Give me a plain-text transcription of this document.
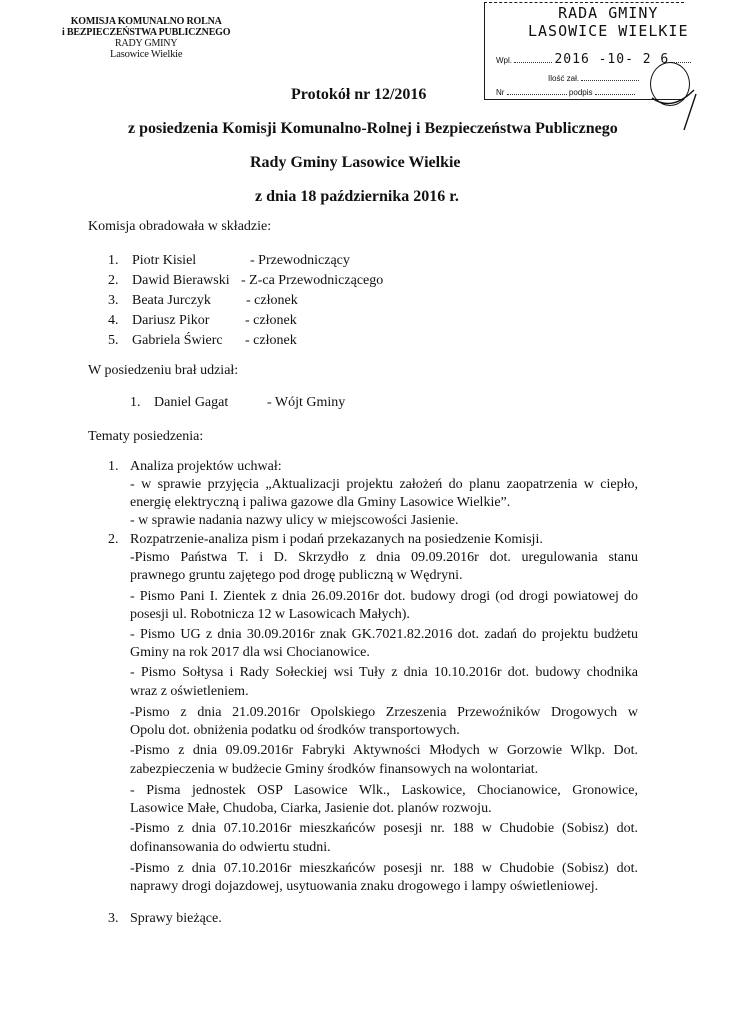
KOMISJA KOMUNALNO ROLNA
i BEZPIECZEŃSTWA PUBLICZNEGO
RADY GMINY
Lasowice Wielkie
RADA GMINY
LASOWICE WIELKIE
Wpl.	2016 -10- 2 6
Ilość zał.
Nr	podpis
Protokół nr 12/2016
z posiedzenia Komisji Komunalno-Rolnej i Bezpieczeństwa Publicznego
Rady Gminy Lasowice Wielkie
z dnia 18 października 2016 r.
Komisja obradowała w składzie:
1. Piotr Kisiel	- Przewodniczący
2. Dawid Bierawski - Z-ca Przewodniczącego
3. Beata Jurczyk	- członek
4. Dariusz Pikor	- członek
5. Gabriela Świerc - członek
W posiedzeniu brał udział:
1. Daniel Gagat	- Wójt Gminy
Tematy posiedzenia:
1. Analiza projektów uchwał:
- w sprawie przyjęcia „Aktualizacji projektu założeń do planu zaopatrzenia w ciepło,
energię elektryczną i paliwa gazowe dla Gminy Lasowice Wielkie”.
- w sprawie nadania nazwy ulicy w miejscowości Jasienie.
2. Rozpatrzenie-analiza pism i podań przekazanych na posiedzenie Komisji.
-Pismo Państwa T. i D. Skrzydło z dnia 09.09.2016r dot. uregulowania stanu
prawnego gruntu zajętego pod drogę publiczną w Wędryni.
- Pismo Pani I. Zientek z dnia 26.09.2016r dot. budowy drogi (od drogi powiatowej do
posesji ul. Robotnicza 12 w Lasowicach Małych).
- Pismo UG z dnia 30.09.2016r znak GK.7021.82.2016 dot. zadań do projektu budżetu
Gminy na rok 2017 dla wsi Chocianowice.
- Pismo Sołtysa i Rady Sołeckiej wsi Tuły z dnia 10.10.2016r dot. budowy chodnika
wraz z oświetleniem.
-Pismo z dnia 21.09.2016r Opolskiego Zrzeszenia Przewoźników Drogowych w
Opolu dot. obniżenia podatku od środków transportowych.
-Pismo z dnia 09.09.2016r Fabryki Aktywności Młodych w Gorzowie Wlkp. Dot.
zabezpieczenia w budżecie Gminy środków finansowych na wolontariat.
- Pisma jednostek OSP Lasowice Wlk., Laskowice, Chocianowice, Gronowice,
Lasowice Małe, Chudoba, Ciarka, Jasienie dot. planów rozwoju.
-Pismo z dnia 07.10.2016r mieszkańców posesji nr. 188 w Chudobie (Sobisz) dot.
dofinansowania do odwiertu studni.
-Pismo z dnia 07.10.2016r mieszkańców posesji nr. 188 w Chudobie (Sobisz) dot.
naprawy drogi dojazdowej, usytuowania znaku drogowego i lampy oświetleniowej.
3. Sprawy bieżące.
